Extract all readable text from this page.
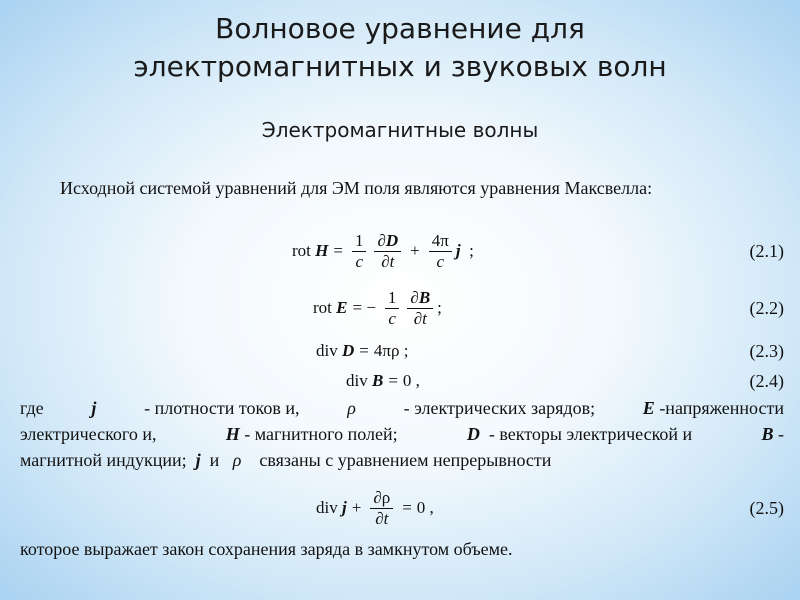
Волновое уравнение для
электромагнитных и звуковых волн
Электромагнитные волны
Исходной системой уравнений для ЭМ поля являются уравнения Максвелла:
rot
$H = \frac{1}{c} \frac{\partial D}{\partial t} + \frac{4\pi}{c}$ j
;	(2.1)
rot
E = − $\frac{1}{c} \frac{\partial B}{\partial t}$ ;	(2.2)
div
D = 4πρ
;	(2.3)
div
B = 0
,	(2.4)
где	j	- плотности токов и,	ρ	- электрических зарядов;	E -напряженности
электрического и,	H - магнитного полей;	D - векторы электрической и	B -
магнитной индукции; j и ρ связаны с уравнением непрерывности
div
$j + \frac{\partial\rho}{\partial t} = 0$
,	(2.5)
которое выражает закон сохранения заряда в замкнутом объеме.
